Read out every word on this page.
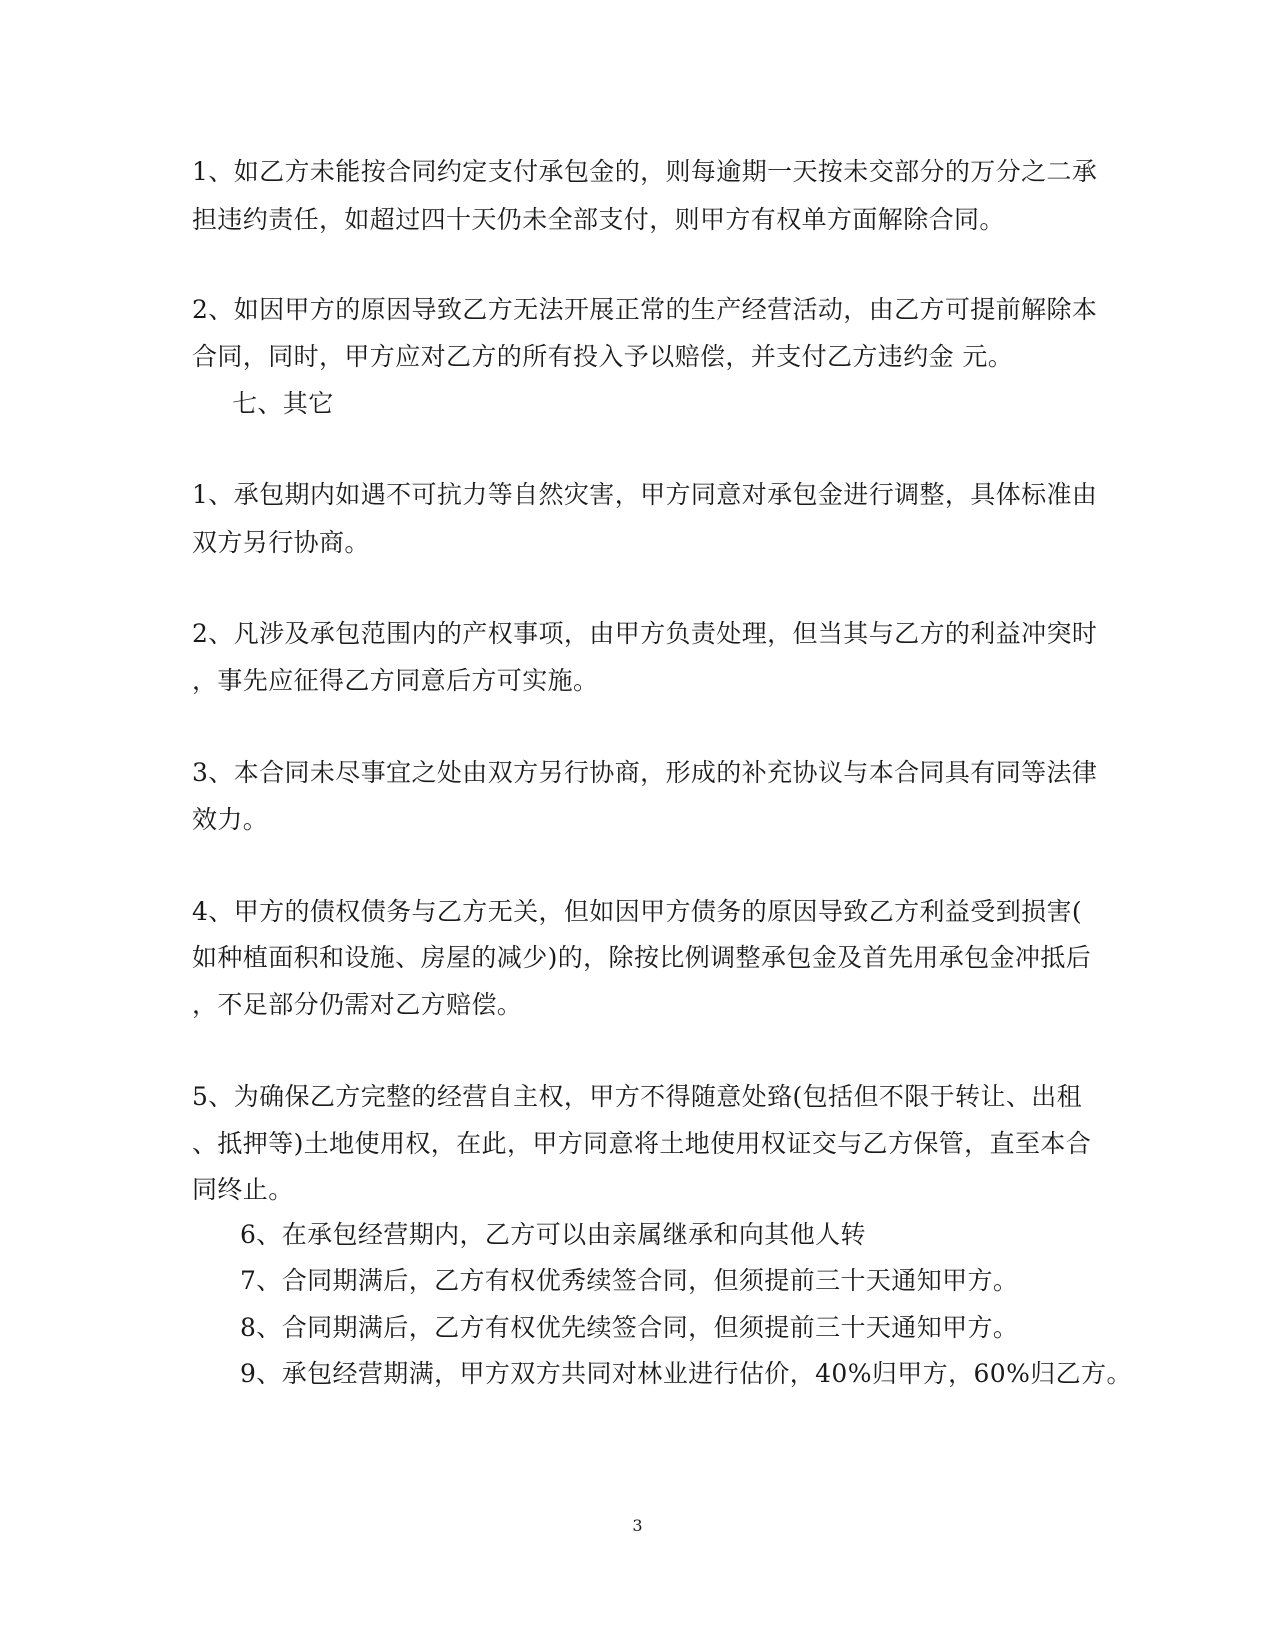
1、如乙方未能按合同约定支付承包金的，则每逾期一天按未交部分的万分之二承
担违约责任，如超过四十天仍未全部支付，则甲方有权单方面解除合同。
2、如因甲方的原因导致乙方无法开展正常的生产经营活动，由乙方可提前解除本
合同，同时，甲方应对乙方的所有投入予以赔偿，并支付乙方违约金 元。
七、其它
1、承包期内如遇不可抗力等自然灾害，甲方同意对承包金进行调整，具体标准由
双方另行协商。
2、凡涉及承包范围内的产权事项，由甲方负责处理，但当其与乙方的利益冲突时
，事先应征得乙方同意后方可实施。
3、本合同未尽事宜之处由双方另行协商，形成的补充协议与本合同具有同等法律
效力。
4、甲方的债权债务与乙方无关，但如因甲方债务的原因导致乙方利益受到损害(
如种植面积和设施、房屋的减少)的，除按比例调整承包金及首先用承包金冲抵后
，不足部分仍需对乙方赔偿。
5、为确保乙方完整的经营自主权，甲方不得随意处臵(包括但不限于转让、出租
、抵押等)土地使用权，在此，甲方同意将土地使用权证交与乙方保管，直至本合
同终止。
6、在承包经营期内，乙方可以由亲属继承和向其他人转
7、合同期满后，乙方有权优秀续签合同，但须提前三十天通知甲方。
8、合同期满后，乙方有权优先续签合同，但须提前三十天通知甲方。
9、承包经营期满，甲方双方共同对林业进行估价，40%归甲方，60%归乙方。
3
